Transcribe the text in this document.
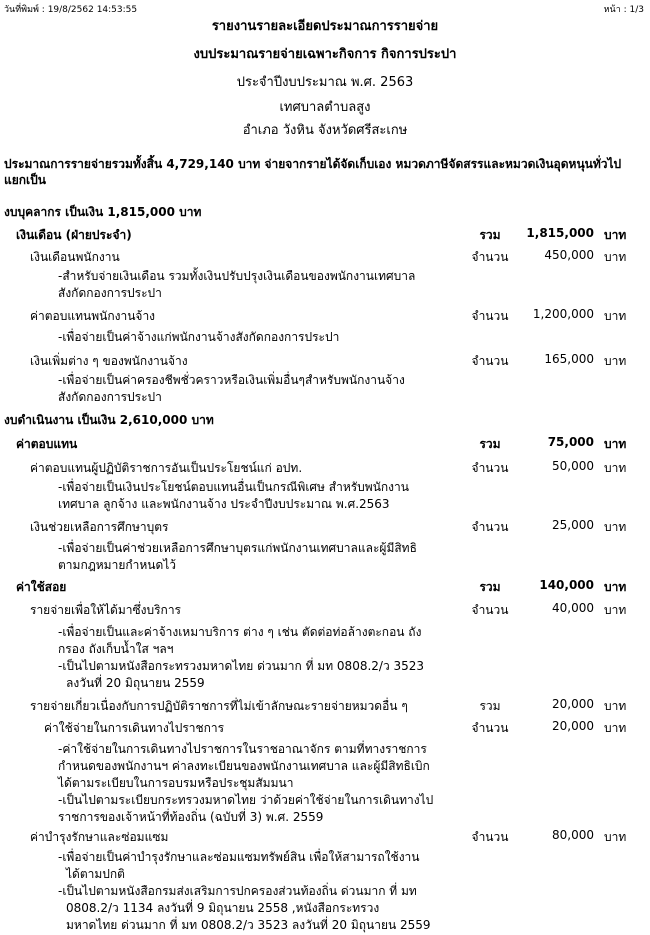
วันที่พิมพ์ : 19/8/2562 14:53:55	หน้า : 1/3
รายงานรายละเอียดประมาณการรายจ่าย
งบประมาณรายจ่ายเฉพาะกิจการ กิจการประปา
ประจำปีงบประมาณ พ.ศ. 2563
เทศบาลตำบลสูง
อำเภอ วังหิน จังหวัดศรีสะเกษ
ประมาณการรายจ่ายรวมทั้งสิ้น 4,729,140 บาท จ่ายจากรายได้จัดเก็บเอง หมวดภาษีจัดสรรและหมวดเงินอุดหนุนทั่วไป แยกเป็น
งบบุคลากร เป็นเงิน 1,815,000 บาท
เงินเดือน (ฝ่ายประจำ)	รวม	1,815,000 บาท
เงินเดือนพนักงาน	จำนวน	450,000 บาท
-สำหรับจ่ายเงินเดือน รวมทั้งเงินปรับปรุงเงินเดือนของพนักงานเทศบาล
สังกัดกองการประปา
ค่าตอบแทนพนักงานจ้าง	จำนวน	1,200,000 บาท
-เพื่อจ่ายเป็นค่าจ้างแก่พนักงานจ้างสังกัดกองการประปา
เงินเพิ่มต่าง ๆ ของพนักงานจ้าง	จำนวน	165,000 บาท
-เพื่อจ่ายเป็นค่าครองชีพชั่วคราวหรือเงินเพิ่มอื่นๆสำหรับพนักงานจ้าง
สังกัดกองการประปา
งบดำเนินงาน เป็นเงิน 2,610,000 บาท
ค่าตอบแทน	รวม	75,000 บาท
ค่าตอบแทนผู้ปฏิบัติราชการอันเป็นประโยชน์แก่ อปท.	จำนวน	50,000 บาท
-เพื่อจ่ายเป็นเงินประโยชน์ตอบแทนอื่นเป็นกรณีพิเศษ สำหรับพนักงาน
เทศบาล ลูกจ้าง และพนักงานจ้าง ประจำปีงบประมาณ พ.ศ.2563
เงินช่วยเหลือการศึกษาบุตร	จำนวน	25,000 บาท
-เพื่อจ่ายเป็นค่าช่วยเหลือการศึกษาบุตรแก่พนักงานเทศบาลและผู้มีสิทธิ
ตามกฎหมายกำหนดไว้
ค่าใช้สอย	รวม	140,000 บาท
รายจ่ายเพื่อให้ได้มาซึ่งบริการ	จำนวน	40,000 บาท
-เพื่อจ่ายเป็นและค่าจ้างเหมาบริการ ต่าง ๆ เช่น ตัดต่อท่อล้างตะกอน ถัง
กรอง ถังเก็บน้ำใส ฯลฯ
-เป็นไปตามหนังสือกระทรวงมหาดไทย ด่วนมาก ที่ มท 0808.2/ว 3523
ลงวันที่ 20 มิถุนายน 2559
รายจ่ายเกี่ยวเนื่องกับการปฏิบัติราชการที่ไม่เข้าลักษณะรายจ่ายหมวดอื่น ๆ	รวม	20,000 บาท
ค่าใช้จ่ายในการเดินทางไปราชการ	จำนวน	20,000 บาท
-ค่าใช้จ่ายในการเดินทางไปราชการในราชอาณาจักร ตามที่ทางราชการ
กำหนดของพนักงานฯ ค่าลงทะเบียนของพนักงานเทศบาล และผู้มีสิทธิเบิก
ได้ตามระเบียบในการอบรมหรือประชุมสัมมนา
-เป็นไปตามระเบียบกระทรวงมหาดไทย ว่าด้วยค่าใช้จ่ายในการเดินทางไป
ราชการของเจ้าหน้าที่ท้องถิ่น (ฉบับที่ 3) พ.ศ. 2559
ค่าบำรุงรักษาและซ่อมแซม	จำนวน	80,000 บาท
-เพื่อจ่ายเป็นค่าบำรุงรักษาและซ่อมแซมทรัพย์สิน เพื่อให้สามารถใช้งาน
ได้ตามปกติ
-เป็นไปตามหนังสือกรมส่งเสริมการปกครองส่วนท้องถิ่น ด่วนมาก ที่ มท
0808.2/ว 1134 ลงวันที่ 9 มิถุนายน 2558 ,หนังสือกระทรวง
มหาดไทย ด่วนมาก ที่ มท 0808.2/ว 3523 ลงวันที่ 20 มิถุนายน 2559
